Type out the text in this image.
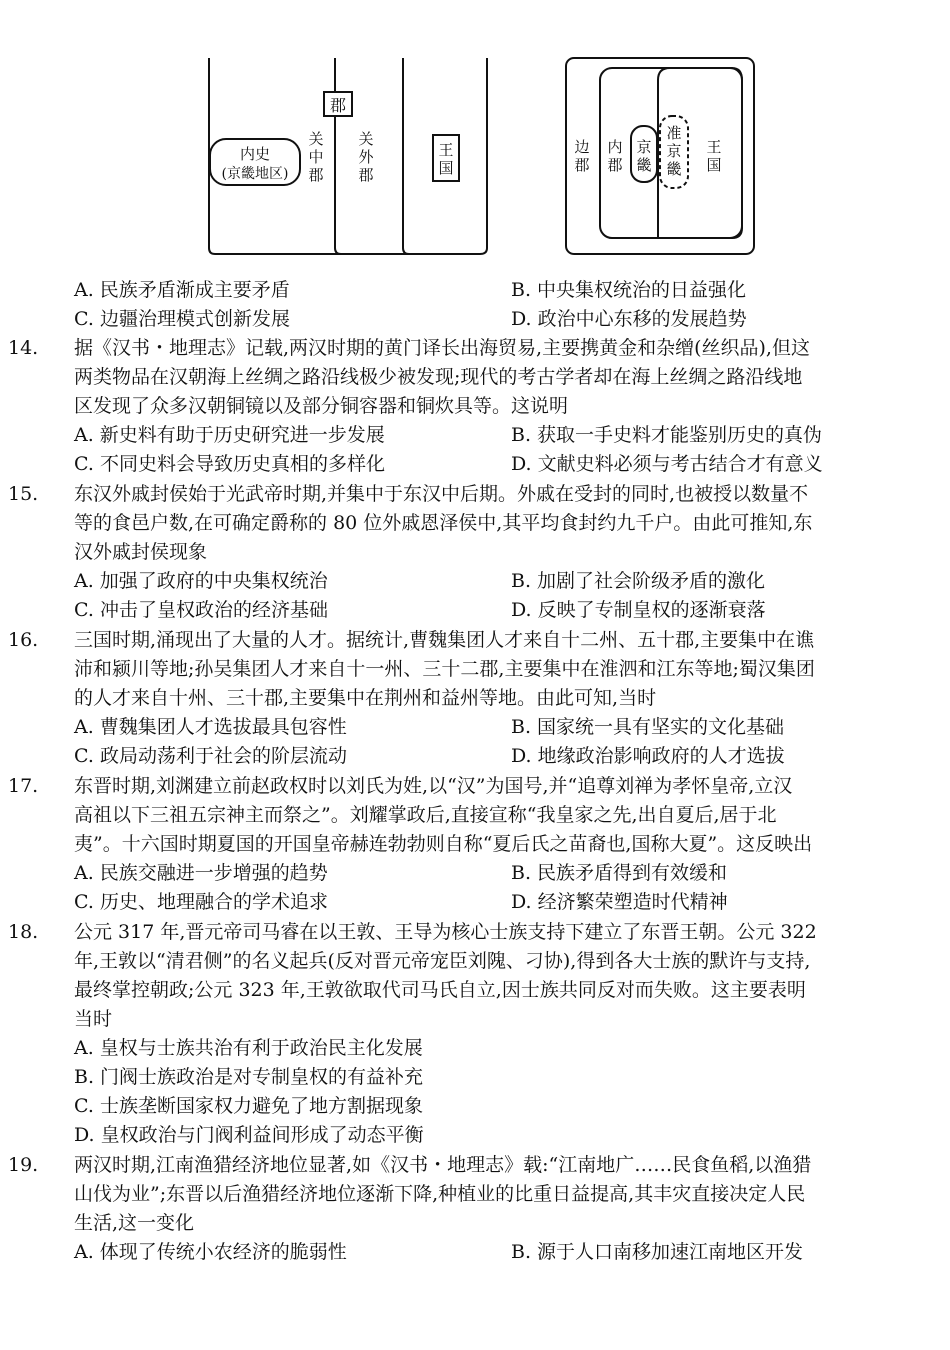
郡
内史
(京畿地区)
关
中
郡
关
外
郡
王
国
边
郡
内
郡
京
畿
准
京
畿
王
国
A. 民族矛盾渐成主要矛盾	B. 中央集权统治的日益强化
C. 边疆治理模式创新发展	D. 政治中心东移的发展趋势
14. 据《汉书・地理志》记载,两汉时期的黄门译长出海贸易,主要携黄金和杂缯(丝织品),但这
两类物品在汉朝海上丝绸之路沿线极少被发现;现代的考古学者却在海上丝绸之路沿线地
区发现了众多汉朝铜镜以及部分铜容器和铜炊具等。这说明
A. 新史料有助于历史研究进一步发展	B. 获取一手史料才能鉴别历史的真伪
C. 不同史料会导致历史真相的多样化	D. 文献史料必须与考古结合才有意义
15. 东汉外戚封侯始于光武帝时期,并集中于东汉中后期。外戚在受封的同时,也被授以数量不
等的食邑户数,在可确定爵称的 80 位外戚恩泽侯中,其平均食封约九千户。由此可推知,东
汉外戚封侯现象
A. 加强了政府的中央集权统治	B. 加剧了社会阶级矛盾的激化
C. 冲击了皇权政治的经济基础	D. 反映了专制皇权的逐渐衰落
16. 三国时期,涌现出了大量的人才。据统计,曹魏集团人才来自十二州、五十郡,主要集中在谯
沛和颍川等地;孙吴集团人才来自十一州、三十二郡,主要集中在淮泗和江东等地;蜀汉集团
的人才来自十州、三十郡,主要集中在荆州和益州等地。由此可知,当时
A. 曹魏集团人才选拔最具包容性	B. 国家统一具有坚实的文化基础
C. 政局动荡利于社会的阶层流动	D. 地缘政治影响政府的人才选拔
17. 东晋时期,刘渊建立前赵政权时以刘氏为姓,以“汉”为国号,并“追尊刘禅为孝怀皇帝,立汉
高祖以下三祖五宗神主而祭之”。刘耀掌政后,直接宣称“我皇家之先,出自夏后,居于北
夷”。十六国时期夏国的开国皇帝赫连勃勃则自称“夏后氏之苗裔也,国称大夏”。这反映出
A. 民族交融进一步增强的趋势	B. 民族矛盾得到有效缓和
C. 历史、地理融合的学术追求	D. 经济繁荣塑造时代精神
18. 公元 317 年,晋元帝司马睿在以王敦、王导为核心士族支持下建立了东晋王朝。公元 322
年,王敦以“清君侧”的名义起兵(反对晋元帝宠臣刘隗、刁协),得到各大士族的默许与支持,
最终掌控朝政;公元 323 年,王敦欲取代司马氏自立,因士族共同反对而失败。这主要表明
当时
A. 皇权与士族共治有利于政治民主化发展
B. 门阀士族政治是对专制皇权的有益补充
C. 士族垄断国家权力避免了地方割据现象
D. 皇权政治与门阀利益间形成了动态平衡
19. 两汉时期,江南渔猎经济地位显著,如《汉书・地理志》载:“江南地广……民食鱼稻,以渔猎
山伐为业”;东晋以后渔猎经济地位逐渐下降,种植业的比重日益提高,其丰灾直接决定人民
生活,这一变化
A. 体现了传统小农经济的脆弱性	B. 源于人口南移加速江南地区开发
